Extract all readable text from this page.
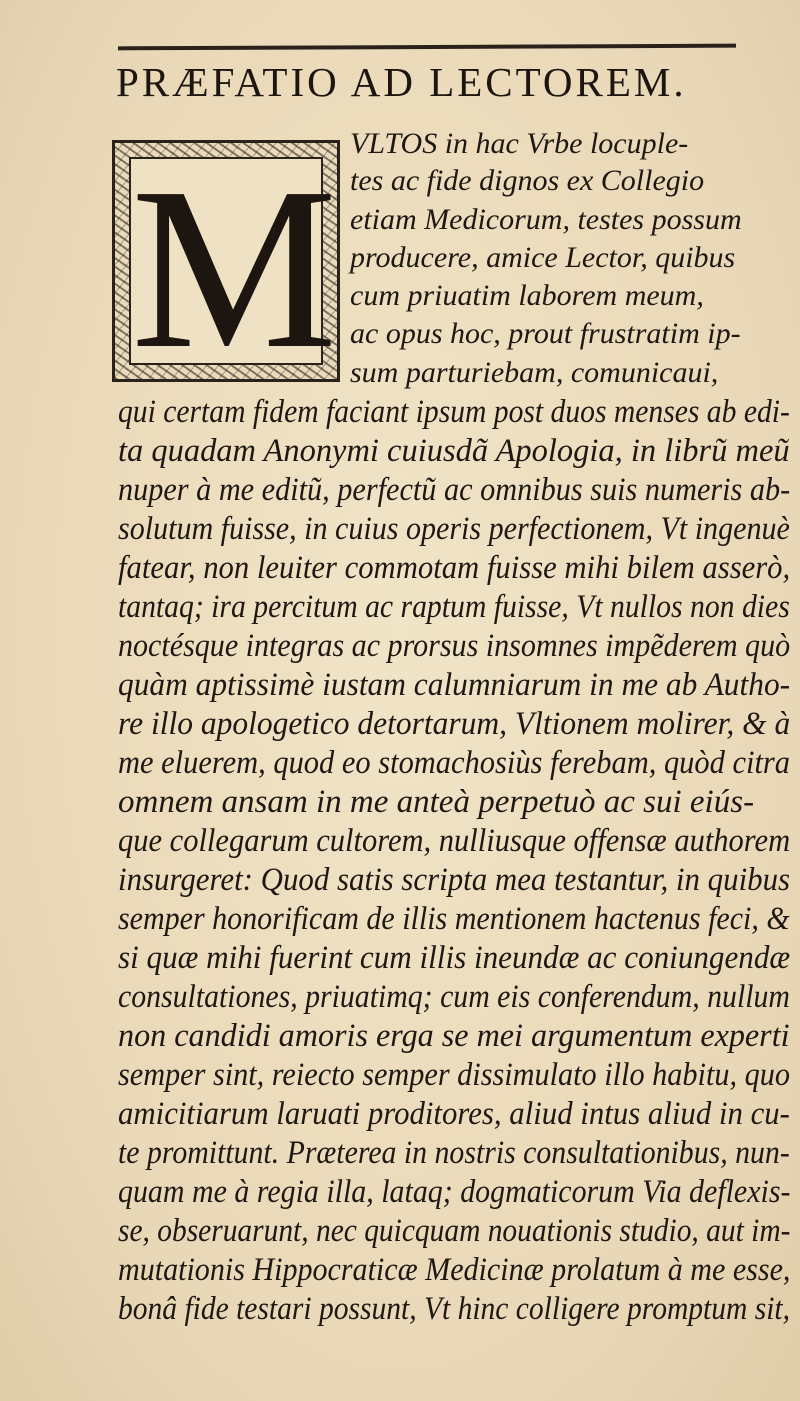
PRÆFATIO AD LECTOREM.
M VLTOS in hac Vrbe locuple-
tes ac fide dignos ex Collegio
etiam Medicorum, testes possum
producere, amice Lector, quibus
cum priuatim laborem meum,
ac opus hoc, prout frustratim ip-
sum parturiebam, comunicaui,
qui certam fidem faciant ipsum post duos menses ab edi-
ta quadam Anonymi cuiusdã Apologia, in librũ meũ
nuper à me editũ, perfectũ ac omnibus suis numeris ab-
solutum fuisse, in cuius operis perfectionem, Vt ingenuè
fatear, non leuiter commotam fuisse mihi bilem asserò,
tantaq; ira percitum ac raptum fuisse, Vt nullos non dies
noctésque integras ac prorsus insomnes impẽderem quò
quàm aptissimè iustam calumniarum in me ab Autho-
re illo apologetico detortarum, Vltionem molirer, & à
me eluerem, quod eo stomachosiùs ferebam, quòd citra
omnem ansam in me anteà perpetuò ac sui eiús-
que collegarum cultorem, nulliusque offensæ authorem
insurgeret: Quod satis scripta mea testantur, in quibus
semper honorificam de illis mentionem hactenus feci, &
si quæ mihi fuerint cum illis ineundæ ac coniungendæ
consultationes, priuatimq; cum eis conferendum, nullum
non candidi amoris erga se mei argumentum experti
semper sint, reiecto semper dissimulato illo habitu, quo
amicitiarum laruati proditores, aliud intus aliud in cu-
te promittunt. Præterea in nostris consultationibus, nun-
quam me à regia illa, lataq; dogmaticorum Via deflexis-
se, obseruarunt, nec quicquam nouationis studio, aut im-
mutationis Hippocraticæ Medicinæ prolatum à me esse,
bonâ fide testari possunt, Vt hinc colligere promptum sit,
